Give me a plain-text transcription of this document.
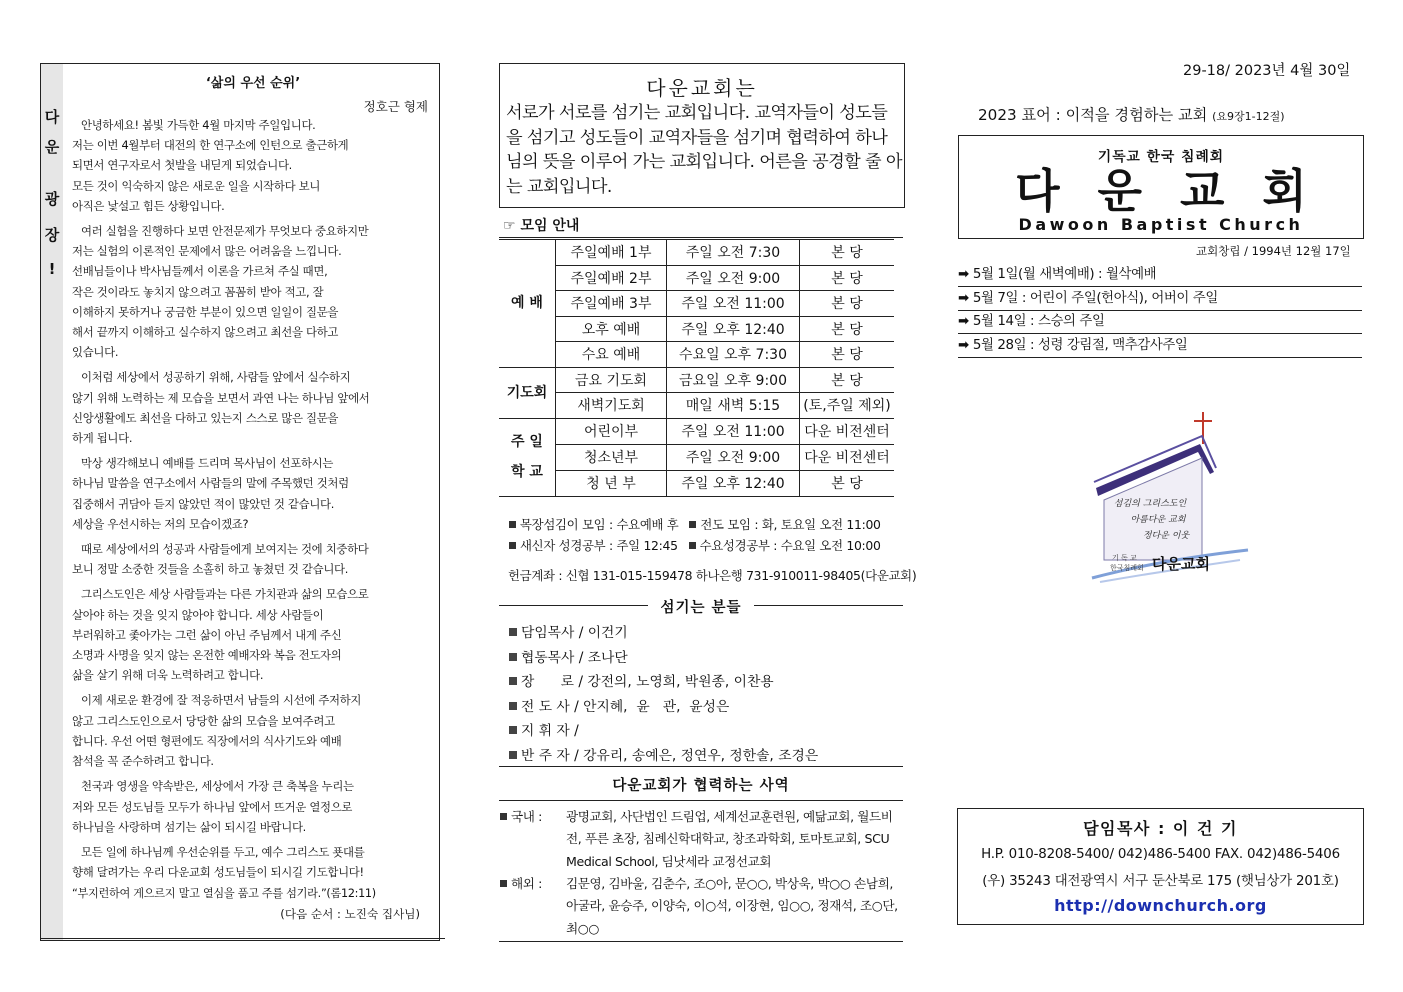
다
운
광
장
!
‘삶의 우선 순위’
정호근 형제
안녕하세요! 봄빛 가득한 4월 마지막 주일입니다.
저는 이번 4월부터 대전의 한 연구소에 인턴으로 출근하게
되면서 연구자로서 첫발을 내딛게 되었습니다.
모든 것이 익숙하지 않은 새로운 일을 시작하다 보니
아직은 낯설고 힘든 상황입니다.
여러 실험을 진행하다 보면 안전문제가 무엇보다 중요하지만
저는 실험의 이론적인 문제에서 많은 어려움을 느낍니다.
선배님들이나 박사님들께서 이론을 가르쳐 주실 때면,
작은 것이라도 놓치지 않으려고 꼼꼼히 받아 적고, 잘
이해하지 못하거나 궁금한 부분이 있으면 일일이 질문을
해서 끝까지 이해하고 실수하지 않으려고 최선을 다하고
있습니다.
이처럼 세상에서 성공하기 위해, 사람들 앞에서 실수하지
않기 위해 노력하는 제 모습을 보면서 과연 나는 하나님 앞에서
신앙생활에도 최선을 다하고 있는지 스스로 많은 질문을
하게 됩니다.
막상 생각해보니 예배를 드리며 목사님이 선포하시는
하나님 말씀을 연구소에서 사람들의 말에 주목했던 것처럼
집중해서 귀담아 듣지 않았던 적이 많았던 것 같습니다.
세상을 우선시하는 저의 모습이겠죠?
때로 세상에서의 성공과 사람들에게 보여지는 것에 치중하다
보니 정말 소중한 것들을 소홀히 하고 놓쳤던 것 같습니다.
그리스도인은 세상 사람들과는 다른 가치관과 삶의 모습으로
살아야 하는 것을 잊지 않아야 합니다. 세상 사람들이
부러워하고 좇아가는 그런 삶이 아닌 주님께서 내게 주신
소명과 사명을 잊지 않는 온전한 예배자와 복음 전도자의
삶을 살기 위해 더욱 노력하려고 합니다.
이제 새로운 환경에 잘 적응하면서 남들의 시선에 주저하지
않고 그리스도인으로서 당당한 삶의 모습을 보여주려고
합니다. 우선 어떤 형편에도 직장에서의 식사기도와 예배
참석을 꼭 준수하려고 합니다.
천국과 영생을 약속받은, 세상에서 가장 큰 축복을 누리는
저와 모든 성도님들 모두가 하나님 앞에서 뜨거운 열정으로
하나님을 사랑하며 섬기는 삶이 되시길 바랍니다.
모든 일에 하나님께 우선순위를 두고, 예수 그리스도 푯대를
향해 달려가는 우리 다운교회 성도님들이 되시길 기도합니다!
“부지런하여 게으르지 말고 열심을 품고 주를 섬기라.”(롬12:11)
(다음 순서 : 노진숙 집사님)
다운교회는
서로가 서로를 섬기는 교회입니다. 교역자들이 성도들을 섬기고 성도들이 교역자들을 섬기며 협력하여 하나님의 뜻을 이루어 가는 교회입니다. 어른을 공경할 줄 아는 교회입니다.
☞ 모임 안내
예 배	주일예배 1부	주일 오전 7:30	본 당
	주일예배 2부	주일 오전 9:00	본 당
	주일예배 3부	주일 오전 11:00	본 당
	오후 예배	주일 오후 12:40	본 당
	수요 예배	수요일 오후 7:30	본 당
기도회	금요 기도회	금요일 오후 9:00	본 당
	새벽기도회	매일 새벽 5:15	(토,주일 제외)
주 일
학 교	어린이부	주일 오전 11:00	다운 비전센터
	청소년부	주일 오전 9:00	다운 비전센터
	청 년 부	주일 오후 12:40	본 당
목장섬김이 모임 : 수요예배 후 전도 모임 : 화, 토요일 오전 11:00
새신자 성경공부 : 주일 12:45 수요성경공부 : 수요일 오전 10:00
헌금계좌 : 신협 131-015-159478 하나은행 731-910011-98405(다운교회)
섬기는 분들
담임목사 / 이건기
협동목사 / 조나단
장      로 / 강전의, 노영희, 박원종, 이찬용
전 도 사 / 안지혜,  윤   관,  윤성은
지 휘 자 /
반 주 자 / 강유리, 송예은, 정연우, 정한솔, 조경은
다운교회가 협력하는 사역
국내 : 광명교회, 사단법인 드림업, 세계선교훈련원, 예닮교회, 월드비전, 푸른 초장, 침례신학대학교, 창조과학회, 토마토교회, SCU Medical School, 딤낫세라 교정선교회
해외 : 김문영, 김바울, 김춘수, 조○아, 문○○, 박상욱, 박○○ 손남희, 아굴라, 윤승주, 이양숙, 이○석, 이장현, 임○○, 정재석, 조○단, 최○○
29-18/ 2023년 4월 30일
2023 표어 : 이적을 경험하는 교회 (요9장1-12절)
기독교 한국 침례회
다운교회
Dawoon Baptist Church
교회창립 / 1994년 12월 17일
➡ 5월 1일(월 새벽예배) : 월삭예배
➡ 5월 7일 : 어린이 주일(헌아식), 어버이 주일
➡ 5월 14일 : 스승의 주일
➡ 5월 28일 : 성령 강림절, 맥추감사주일
섬김의 그리스도인
아름다운 교회
정다운 이웃
기 독 교
한국침례회 다운교회
담임목사 : 이 건 기
H.P. 010-8208-5400/ 042)486-5400 FAX. 042)486-5406
(우) 35243 대전광역시 서구 둔산북로 175 (햇님상가 201호)
http://downchurch.org
